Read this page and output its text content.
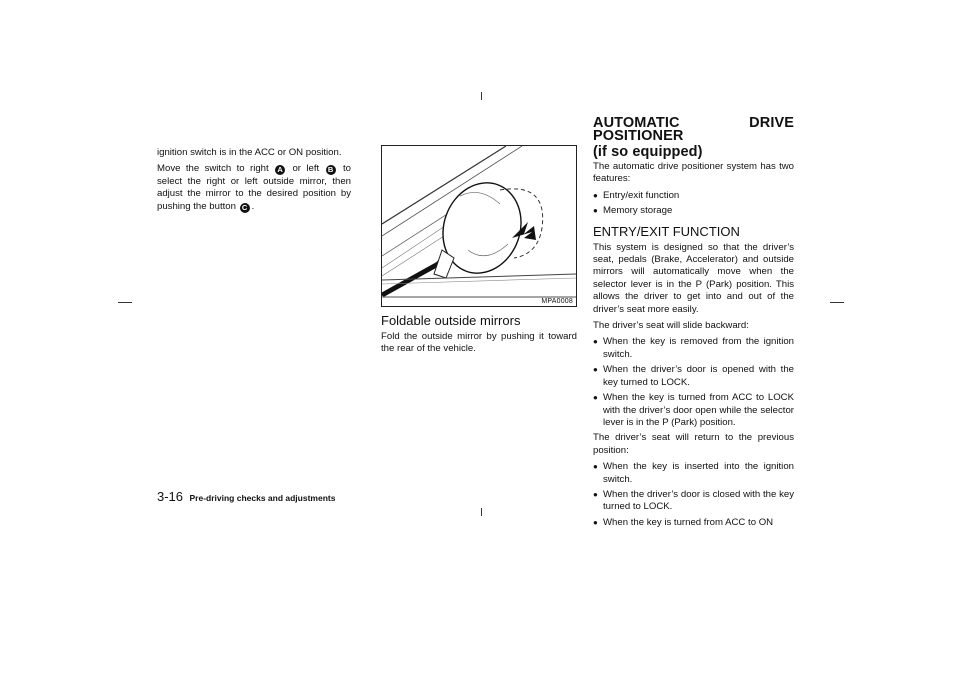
ignition switch is in the ACC or ON position.

Move the switch to right A or left B to select the right or left outside mirror, then adjust the mirror to the desired position by pushing the button C .

MPA0008
Foldable outside mirrors

Fold the outside mirror by pushing it toward the rear of the vehicle.

AUTOMATIC DRIVE POSITIONER
(if so equipped)

The automatic drive positioner system has two features:

● Entry/exit function
● Memory storage
ENTRY/EXIT FUNCTION

This system is designed so that the driver’s seat, pedals (Brake, Accelerator) and outside mirrors will automatically move when the selector lever is in the P (Park) position. This allows the driver to get into and out of the driver’s seat more easily.

The driver’s seat will slide backward:

● When the key is removed from the ignition switch.
● When the driver’s door is opened with the key turned to LOCK.
● When the key is turned from ACC to LOCK with the driver’s door open while the selector lever is in the P (Park) position.

The driver’s seat will return to the previous position:

● When the key is inserted into the ignition switch.
● When the driver’s door is closed with the key turned to LOCK.
● When the key is turned from ACC to ON
3-16 Pre-driving checks and adjustments
